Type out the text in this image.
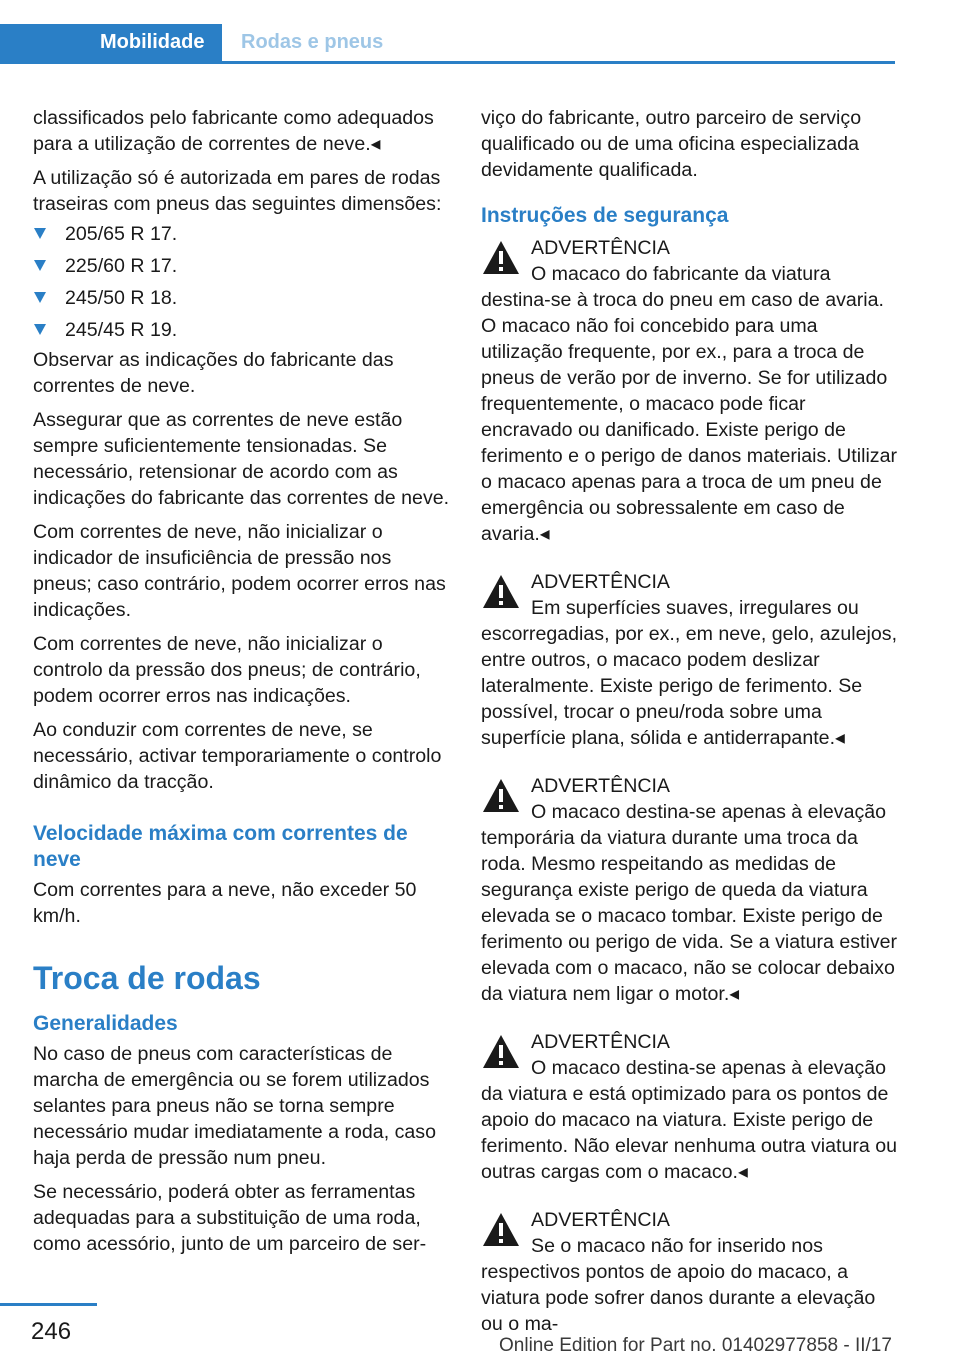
Mobilidade Rodas e pneus

classificados pelo fabricante como adequados para a utilização de correntes de neve.◂

A utilização só é autorizada em pares de rodas traseiras com pneus das seguintes dimensões:

205/65 R 17.
225/60 R 17.
245/50 R 18.
245/45 R 19.

Observar as indicações do fabricante das correntes de neve.

Assegurar que as correntes de neve estão sempre suficientemente tensionadas. Se necessário, retensionar de acordo com as indicações do fabricante das correntes de neve.

Com correntes de neve, não inicializar o indicador de insuficiência de pressão nos pneus; caso contrário, podem ocorrer erros nas indicações.

Com correntes de neve, não inicializar o controlo da pressão dos pneus; de contrário, podem ocorrer erros nas indicações.

Ao conduzir com correntes de neve, se necessário, activar temporariamente o controlo dinâmico da tracção.

Velocidade máxima com correntes de neve

Com correntes para a neve, não exceder 50 km/h.

Troca de rodas
Generalidades

No caso de pneus com características de marcha de emergência ou se forem utilizados selantes para pneus não se torna sempre necessário mudar imediatamente a roda, caso haja perda de pressão num pneu.

Se necessário, poderá obter as ferramentas adequadas para a substituição de uma roda, como acessório, junto de um parceiro de ser-

viço do fabricante, outro parceiro de serviço qualificado ou de uma oficina especializada devidamente qualificada.

Instruções de segurança
ADVERTÊNCIA
O macaco do fabricante da viatura destina-se à troca do pneu em caso de avaria. O macaco não foi concebido para uma utilização frequente, por ex., para a troca de pneus de verão por de inverno. Se for utilizado frequentemente, o macaco pode ficar encravado ou danificado. Existe perigo de ferimento e o perigo de danos materiais. Utilizar o macaco apenas para a troca de um pneu de emergência ou sobressalente em caso de avaria.◂
ADVERTÊNCIA
Em superfícies suaves, irregulares ou escorregadias, por ex., em neve, gelo, azulejos, entre outros, o macaco podem deslizar lateralmente. Existe perigo de ferimento. Se possível, trocar o pneu/roda sobre uma superfície plana, sólida e antiderrapante.◂
ADVERTÊNCIA
O macaco destina-se apenas à elevação temporária da viatura durante uma troca da roda. Mesmo respeitando as medidas de segurança existe perigo de queda da viatura elevada se o macaco tombar. Existe perigo de ferimento ou perigo de vida. Se a viatura estiver elevada com o macaco, não se colocar debaixo da viatura nem ligar o motor.◂
ADVERTÊNCIA
O macaco destina-se apenas à elevação da viatura e está optimizado para os pontos de apoio do macaco na viatura. Existe perigo de ferimento. Não elevar nenhuma outra viatura ou outras cargas com o macaco.◂
ADVERTÊNCIA
Se o macaco não for inserido nos respectivos pontos de apoio do macaco, a viatura pode sofrer danos durante a elevação ou o ma-
246
Online Edition for Part no. 01402977858 - II/17
